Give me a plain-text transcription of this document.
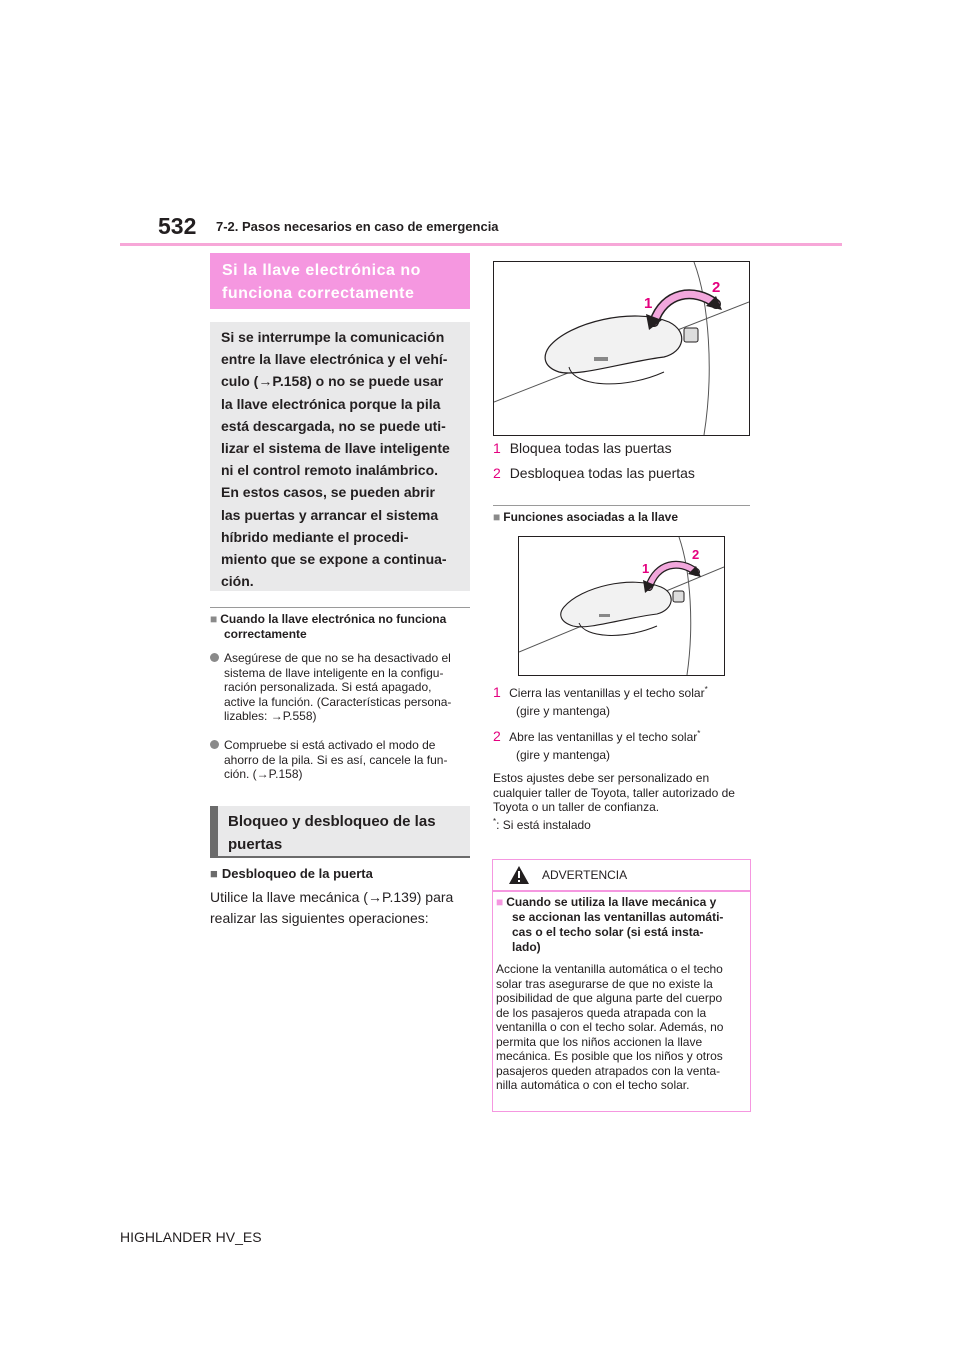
532 7-2. Pasos necesarios en caso de emergencia
Si la llave electrónica no
funciona correctamente
Si se interrumpe la comunicación
entre la llave electrónica y el vehí-
culo (→P.158) o no se puede usar
la llave electrónica porque la pila
está descargada, no se puede uti-
lizar el sistema de llave inteligente
ni el control remoto inalámbrico.
En estos casos, se pueden abrir
las puertas y arrancar el sistema
híbrido mediante el procedi-
miento que se expone a continua-
ción.
■ Cuando la llave electrónica no funciona
correctamente
Asegúrese de que no se ha desactivado el
sistema de llave inteligente en la configu-
ración personalizada. Si está apagado,
active la función. (Características persona-
lizables: →P.558)
Compruebe si está activado el modo de
ahorro de la pila. Si es así, cancele la fun-
ción. (→P.158)
Bloqueo y desbloqueo de las
puertas
■ Desbloqueo de la puerta
Utilice la llave mecánica (→P.139) para
realizar las siguientes operaciones:
1
2
1 Bloquea todas las puertas
2 Desbloquea todas las puertas
■ Funciones asociadas a la llave
1
2
1 Cierra las ventanillas y el techo solar*
(gire y mantenga)
2 Abre las ventanillas y el techo solar*
(gire y mantenga)
Estos ajustes debe ser personalizado en
cualquier taller de Toyota, taller autorizado de
Toyota o un taller de confianza.
*: Si está instalado
ADVERTENCIA
■ Cuando se utiliza la llave mecánica y
se accionan las ventanillas automáti-
cas o el techo solar (si está insta-
lado)
Accione la ventanilla automática o el techo
solar tras asegurarse de que no existe la
posibilidad de que alguna parte del cuerpo
de los pasajeros queda atrapada con la
ventanilla o con el techo solar. Además, no
permita que los niños accionen la llave
mecánica. Es posible que los niños y otros
pasajeros queden atrapados con la venta-
nilla automática o con el techo solar.
HIGHLANDER HV_ES
